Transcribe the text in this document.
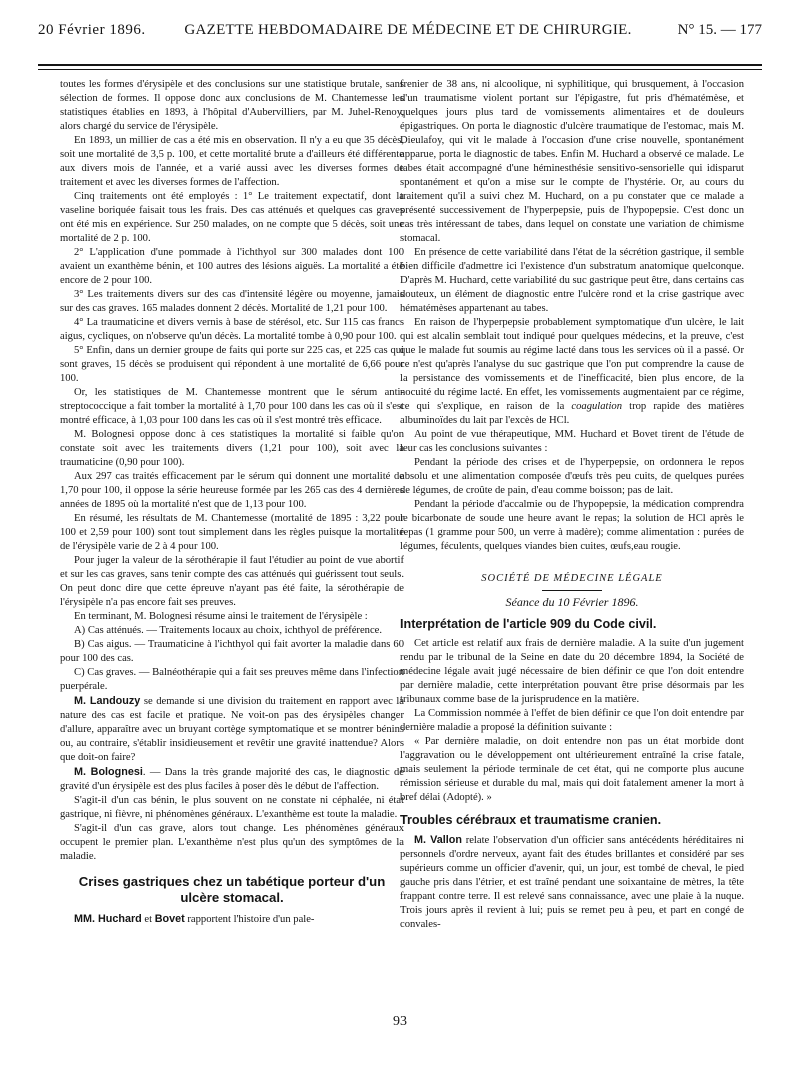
20 Février 1896.	GAZETTE HEBDOMADAIRE DE MÉDECINE ET DE CHIRURGIE.	N° 15. — 177

toutes les formes d'érysipèle et des conclusions sur une statistique brutale, sans sélection de formes. Il oppose donc aux conclusions de M. Chantemesse les statistiques établies en 1893, à l'hôpital d'Aubervilliers, par M. Juhel-Renoy, alors chargé du service de l'érysipèle.

En 1893, un millier de cas a été mis en observation. Il n'y a eu que 35 décès, soit une mortalité de 3,5 p. 100, et cette mortalité brute a d'ailleurs été différente aux divers mois de l'année, et a varié aussi avec les diverses formes de traitement et avec les diverses formes de l'affection.

Cinq traitements ont été employés : 1° Le traitement expectatif, dont la vaseline boriquée faisait tous les frais. Des cas atténués et quelques cas graves ont été mis en expérience. Sur 250 malades, on ne compte que 5 décès, soit une mortalité de 2 p. 100.

2° L'application d'une pommade à l'ichthyol sur 300 malades dont 100 avaient un exanthème bénin, et 100 autres des lésions aiguës. La mortalité a été encore de 2 pour 100.

3° Les traitements divers sur des cas d'intensité légère ou moyenne, jamais sur des cas graves. 165 malades donnent 2 décès. Mortalité de 1,21 pour 100.

4° La traumaticine et divers vernis à base de stérésol, etc. Sur 115 cas francs aigus, cycliques, on n'observe qu'un décès. La mortalité tombe à 0,90 pour 100.

5° Enfin, dans un dernier groupe de faits qui porte sur 225 cas, et 225 cas qui sont graves, 15 décès se produisent qui répondent à une mortalité de 6,66 pour 100.

Or, les statistiques de M. Chantemesse montrent que le sérum anti-streptococcique a fait tomber la mortalité à 1,70 pour 100 dans les cas où il s'est montré efficace, à 1,03 pour 100 dans les cas où il s'est montré très efficace.

M. Bolognesi oppose donc à ces statistiques la mortalité si faible qu'on constate soit avec les traitements divers (1,21 pour 100), soit avec la traumaticine (0,90 pour 100).

Aux 297 cas traités efficacement par le sérum qui donnent une mortalité de 1,70 pour 100, il oppose la série heureuse formée par les 265 cas des 4 dernières années de 1895 où la mortalité n'est que de 1,13 pour 100.

En résumé, les résultats de M. Chantemesse (mortalité de 1895 : 3,22 pour 100 et 2,59 pour 100) sont tout simplement dans les règles puisque la mortalité de l'érysipèle varie de 2 à 4 pour 100.

Pour juger la valeur de la sérothérapie il faut l'étudier au point de vue abortif et sur les cas graves, sans tenir compte des cas atténués qui guérissent tout seuls. On peut donc dire que cette épreuve n'ayant pas été faite, la sérothérapie de l'érysipèle n'a pas encore fait ses preuves.

En terminant, M. Bolognesi résume ainsi le traitement de l'érysipèle :

A) Cas atténués. — Traitements locaux au choix, ichthyol de préférence.

B) Cas aigus. — Traumaticine à l'ichthyol qui fait avorter la maladie dans 60 pour 100 des cas.

C) Cas graves. — Balnéothérapie qui a fait ses preuves même dans l'infection puerpérale.

M. Landouzy se demande si une division du traitement en rapport avec la nature des cas est facile et pratique. Ne voit-on pas des érysipèles changer d'allure, apparaître avec un bruyant cortège symptomatique et se montrer bénins ou, au contraire, s'établir insidieusement et revêtir une gravité inattendue? Alors que doit-on faire?

M. Bolognesi. — Dans la très grande majorité des cas, le diagnostic de gravité d'un érysipèle est des plus faciles à poser dès le début de l'affection.

S'agit-il d'un cas bénin, le plus souvent on ne constate ni céphalée, ni état gastrique, ni fièvre, ni phénomènes généraux. L'exanthème est toute la maladie.

S'agit-il d'un cas grave, alors tout change. Les phénomènes généraux occupent le premier plan. L'exanthème n'est plus qu'un des symptômes de la maladie.

Crises gastriques chez un tabétique porteur d'un ulcère stomacal.

MM. Huchard et Bovet rapportent l'histoire d'un pale-

frenier de 38 ans, ni alcoolique, ni syphilitique, qui brusquement, à l'occasion d'un traumatisme violent portant sur l'épigastre, fut pris d'hématémèse, et quelques jours plus tard de vomissements alimentaires et de douleurs épigastriques. On porta le diagnostic d'ulcère traumatique de l'estomac, mais M. Dieulafoy, qui vit le malade à l'occasion d'une crise nouvelle, spontanément apparue, porta le diagnostic de tabes. Enfin M. Huchard a observé ce malade. Le tabes était accompagné d'une héminesthésie sensitivo-sensorielle qui idisparut spontanément et qu'on a mise sur le compte de l'hystérie. Or, au cours du traitement qu'il a suivi chez M. Huchard, on a pu constater que ce malade a présenté successivement de l'hyperpepsie, puis de l'hypopepsie. C'est donc un cas très intéressant de tabes, dans lequel on constate une variation de chimisme stomacal.

En présence de cette variabilité dans l'état de la sécrétion gastrique, il semble bien difficile d'admettre ici l'existence d'un substratum anatomique quelconque. D'après M. Huchard, cette variabilité du suc gastrique peut être, dans certains cas douteux, un élément de diagnostic entre l'ulcère rond et la crise gastrique avec hématémèses appartenant au tabes.

En raison de l'hyperpepsie probablement symptomatique d'un ulcère, le lait qui est alcalin semblait tout indiqué pour quelques médecins, et la preuve, c'est que le malade fut soumis au régime lacté dans tous les services où il a passé. Or ce n'est qu'après l'analyse du suc gastrique que l'on put comprendre la cause de la persistance des vomissements et de l'inefficacité, bien plus encore, de la nocuité du régime lacté. En effet, les vomissements augmentaient par ce régime, ce qui s'explique, en raison de la coagulation trop rapide des matières albuminoïdes du lait par l'excès de HCl.

Au point de vue thérapeutique, MM. Huchard et Bovet tirent de l'étude de leur cas les conclusions suivantes :

Pendant la période des crises et de l'hyperpepsie, on ordonnera le repos absolu et une alimentation composée d'œufs très peu cuits, de quelques purées de légumes, de croûte de pain, d'eau comme boisson; pas de lait.

Pendant la période d'accalmie ou de l'hypopepsie, la médication comprendra le bicarbonate de soude une heure avant le repas; la solution de HCl après le repas (1 gramme pour 500, un verre à madère); comme alimentation : purées de légumes, féculents, quelques viandes bien cuites, œufs,eau rougie.

SOCIÉTÉ DE MÉDECINE LÉGALE
Séance du 10 Février 1896.
Interprétation de l'article 909 du Code civil.

Cet article est relatif aux frais de dernière maladie. A la suite d'un jugement rendu par le tribunal de la Seine en date du 20 décembre 1894, la Société de médecine légale avait jugé nécessaire de bien définir ce que l'on doit entendre par dernière maladie, cette interprétation pouvant être prise désormais par les tribunaux comme base de la jurisprudence en la matière.

La Commission nommée à l'effet de bien définir ce que l'on doit entendre par dernière maladie a proposé la définition suivante :

« Par dernière maladie, on doit entendre non pas un état morbide dont l'aggravation ou le développement ont ultérieurement entraîné la crise fatale, mais seulement la période terminale de cet état, qui ne comporte plus aucune rémission sérieuse et durable du mal, mais qui doit fatalement amener la mort à bref délai (Adopté). »

Troubles cérébraux et traumatisme cranien.

M. Vallon relate l'observation d'un officier sans antécédents héréditaires ni personnels d'ordre nerveux, ayant fait des études brillantes et considéré par ses supérieurs comme un officier d'avenir, qui, un jour, est tombé de cheval, le pied gauche pris dans l'étrier, et est traîné pendant une soixantaine de mètres, la tête frappant contre terre. Il est relevé sans connaissance, avec une plaie à la nuque. Trois jours après il revient à lui; puis se remet peu à peu, et part en congé de convales-

93
